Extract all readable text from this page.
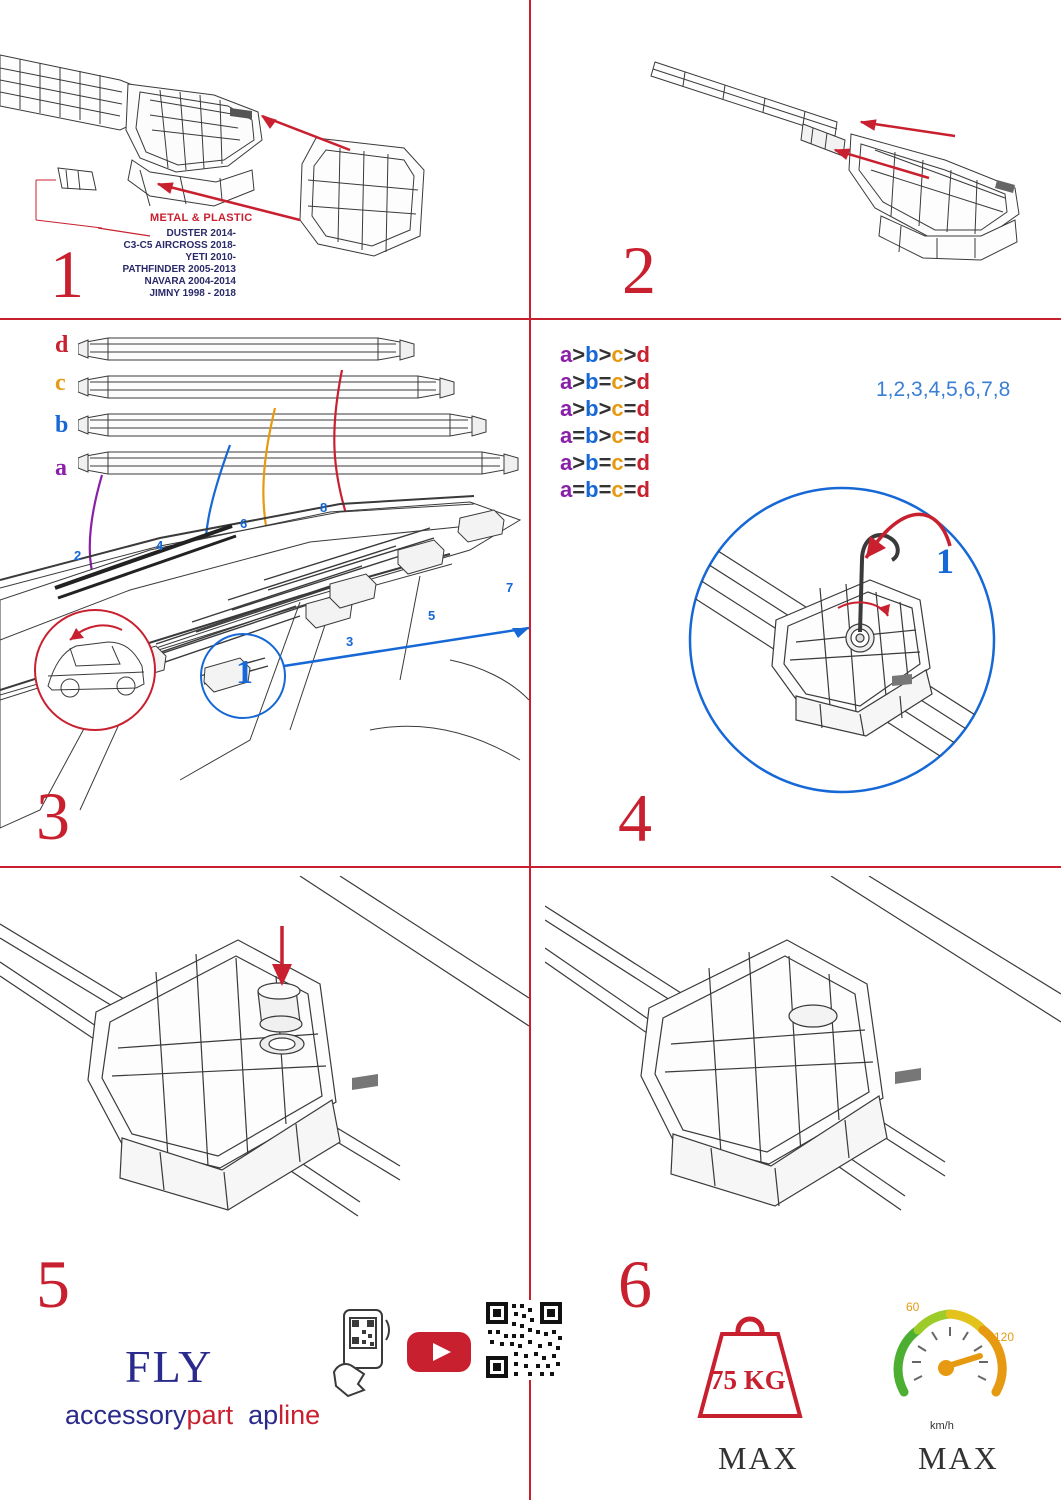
METAL & PLASTIC
DUSTER 2014-
C3-C5 AIRCROSS 2018-
YETI 2010-
PATHFINDER 2005-2013
NAVARA 2004-2014
JIMNY 1998 - 2018
1	2
d
c
b
a
a>b>c>d
a>b=c>d
a>b>c=d
a=b>c=d
a>b=c=d
a=b=c=d
2
4
6
8
7
5
3
1
3
1,2,3,4,5,6,7,8
1
4
5	6
FLY
accessorypart apline
75 KG
MAX
60
120
km/h
MAX
